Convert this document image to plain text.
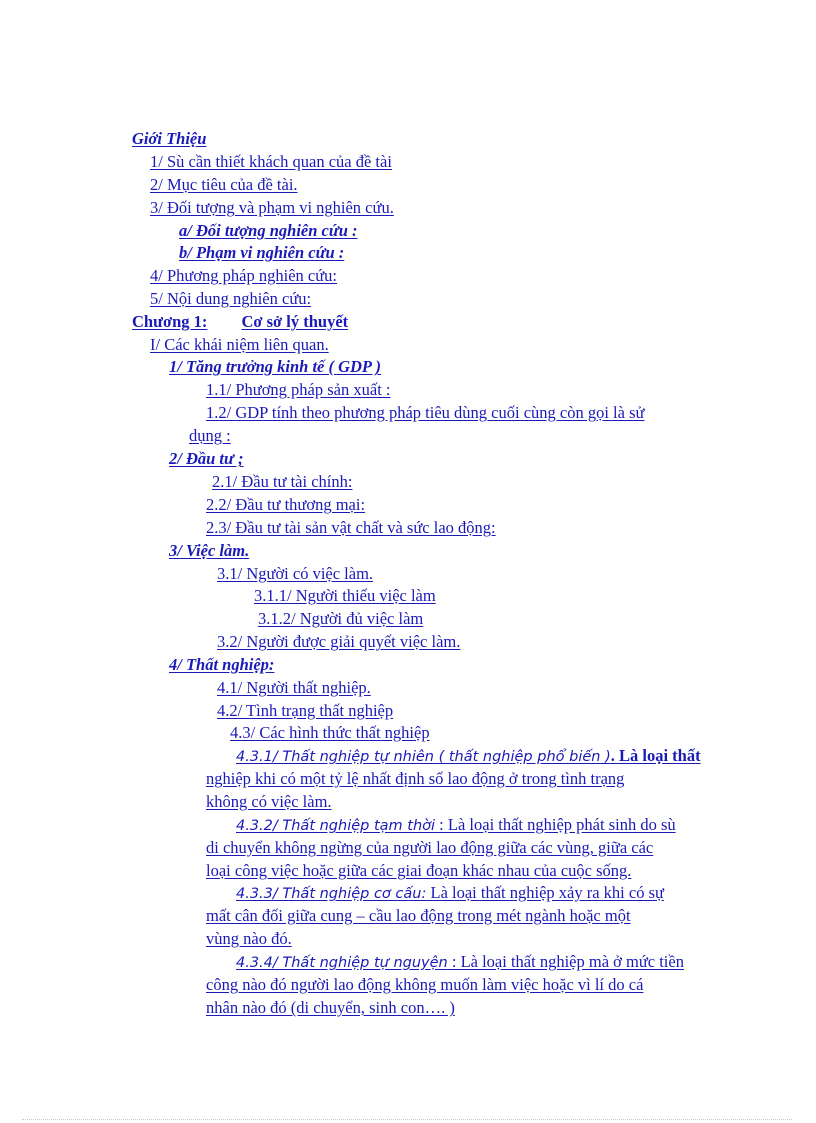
Giới Thiệu
1/ Sù cần thiết khách quan của đề tài
2/ Mục tiêu của đề tài.
3/ Đối tượng và phạm vi nghiên cứu.
a/ Đối tượng nghiên cứu :
b/ Phạm vi nghiên cứu :
4/ Phương pháp nghiên cứu:
5/ Nội dung nghiên cứu:
Chương 1: Cơ sở lý thuyết
I/ Các khái niệm liên quan.
1/ Tăng trưởng kinh tế ( GDP )
1.1/ Phương pháp sản xuất :
1.2/ GDP tính theo phương pháp tiêu dùng cuối cùng còn gọi là sử
dụng :
2/ Đầu tư ;
2.1/ Đầu tư tài chính:
2.2/ Đầu tư thương mại:
2.3/ Đầu tư tài sản vật chất và sức lao động:
3/ Việc làm.
3.1/ Người có việc làm.
3.1.1/ Người thiếu việc làm
3.1.2/ Người đủ việc làm
3.2/ Người được giải quyết việc làm.
4/ Thất nghiệp:
4.1/ Người thất nghiệp.
4.2/ Tình trạng thất nghiệp
4.3/ Các hình thức thất nghiệp
4.3.1/ Thất nghiệp tự nhiên ( thất nghiệp phổ biến ). Là loại thất
nghiệp khi có một tỷ lệ nhất định số lao động ở trong tình trạng
không có việc làm.
4.3.2/ Thất nghiệp tạm thời : Là loại thất nghiệp phát sinh do sù
di chuyển không ngừng của người lao động giữa các vùng, giữa các
loại công việc hoặc giữa các giai đoạn khác nhau của cuộc sống.
4.3.3/ Thất nghiệp cơ cấu: Là loại thất nghiệp xảy ra khi có sự
mất cân đối giữa cung – cầu lao động trong mét ngành hoặc một
vùng nào đó.
4.3.4/ Thất nghiệp tự nguyện : Là loại thất nghiệp mà ở mức tiền
công nào đó người lao động không muốn làm việc hoặc vì lí do cá
nhân nào đó (di chuyển, sinh con…. )
